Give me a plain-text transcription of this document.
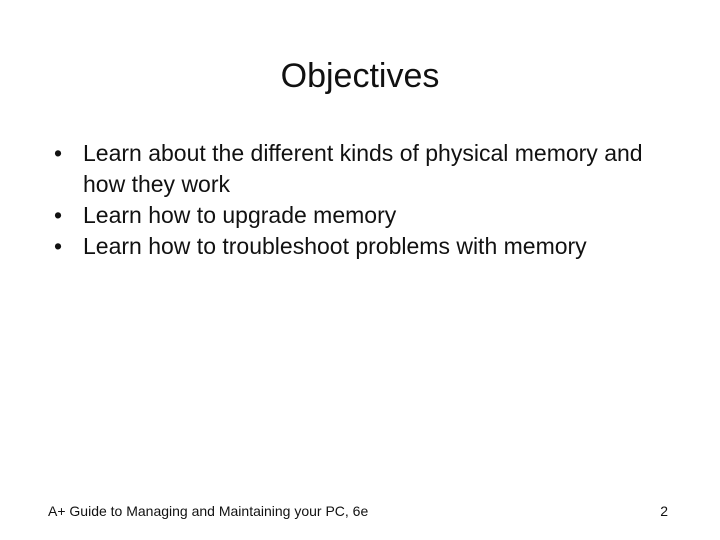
Objectives
• Learn about the different kinds of physical memory and how they work
• Learn how to upgrade memory
• Learn how to troubleshoot problems with memory
A+ Guide to Managing and Maintaining your PC, 6e	2
